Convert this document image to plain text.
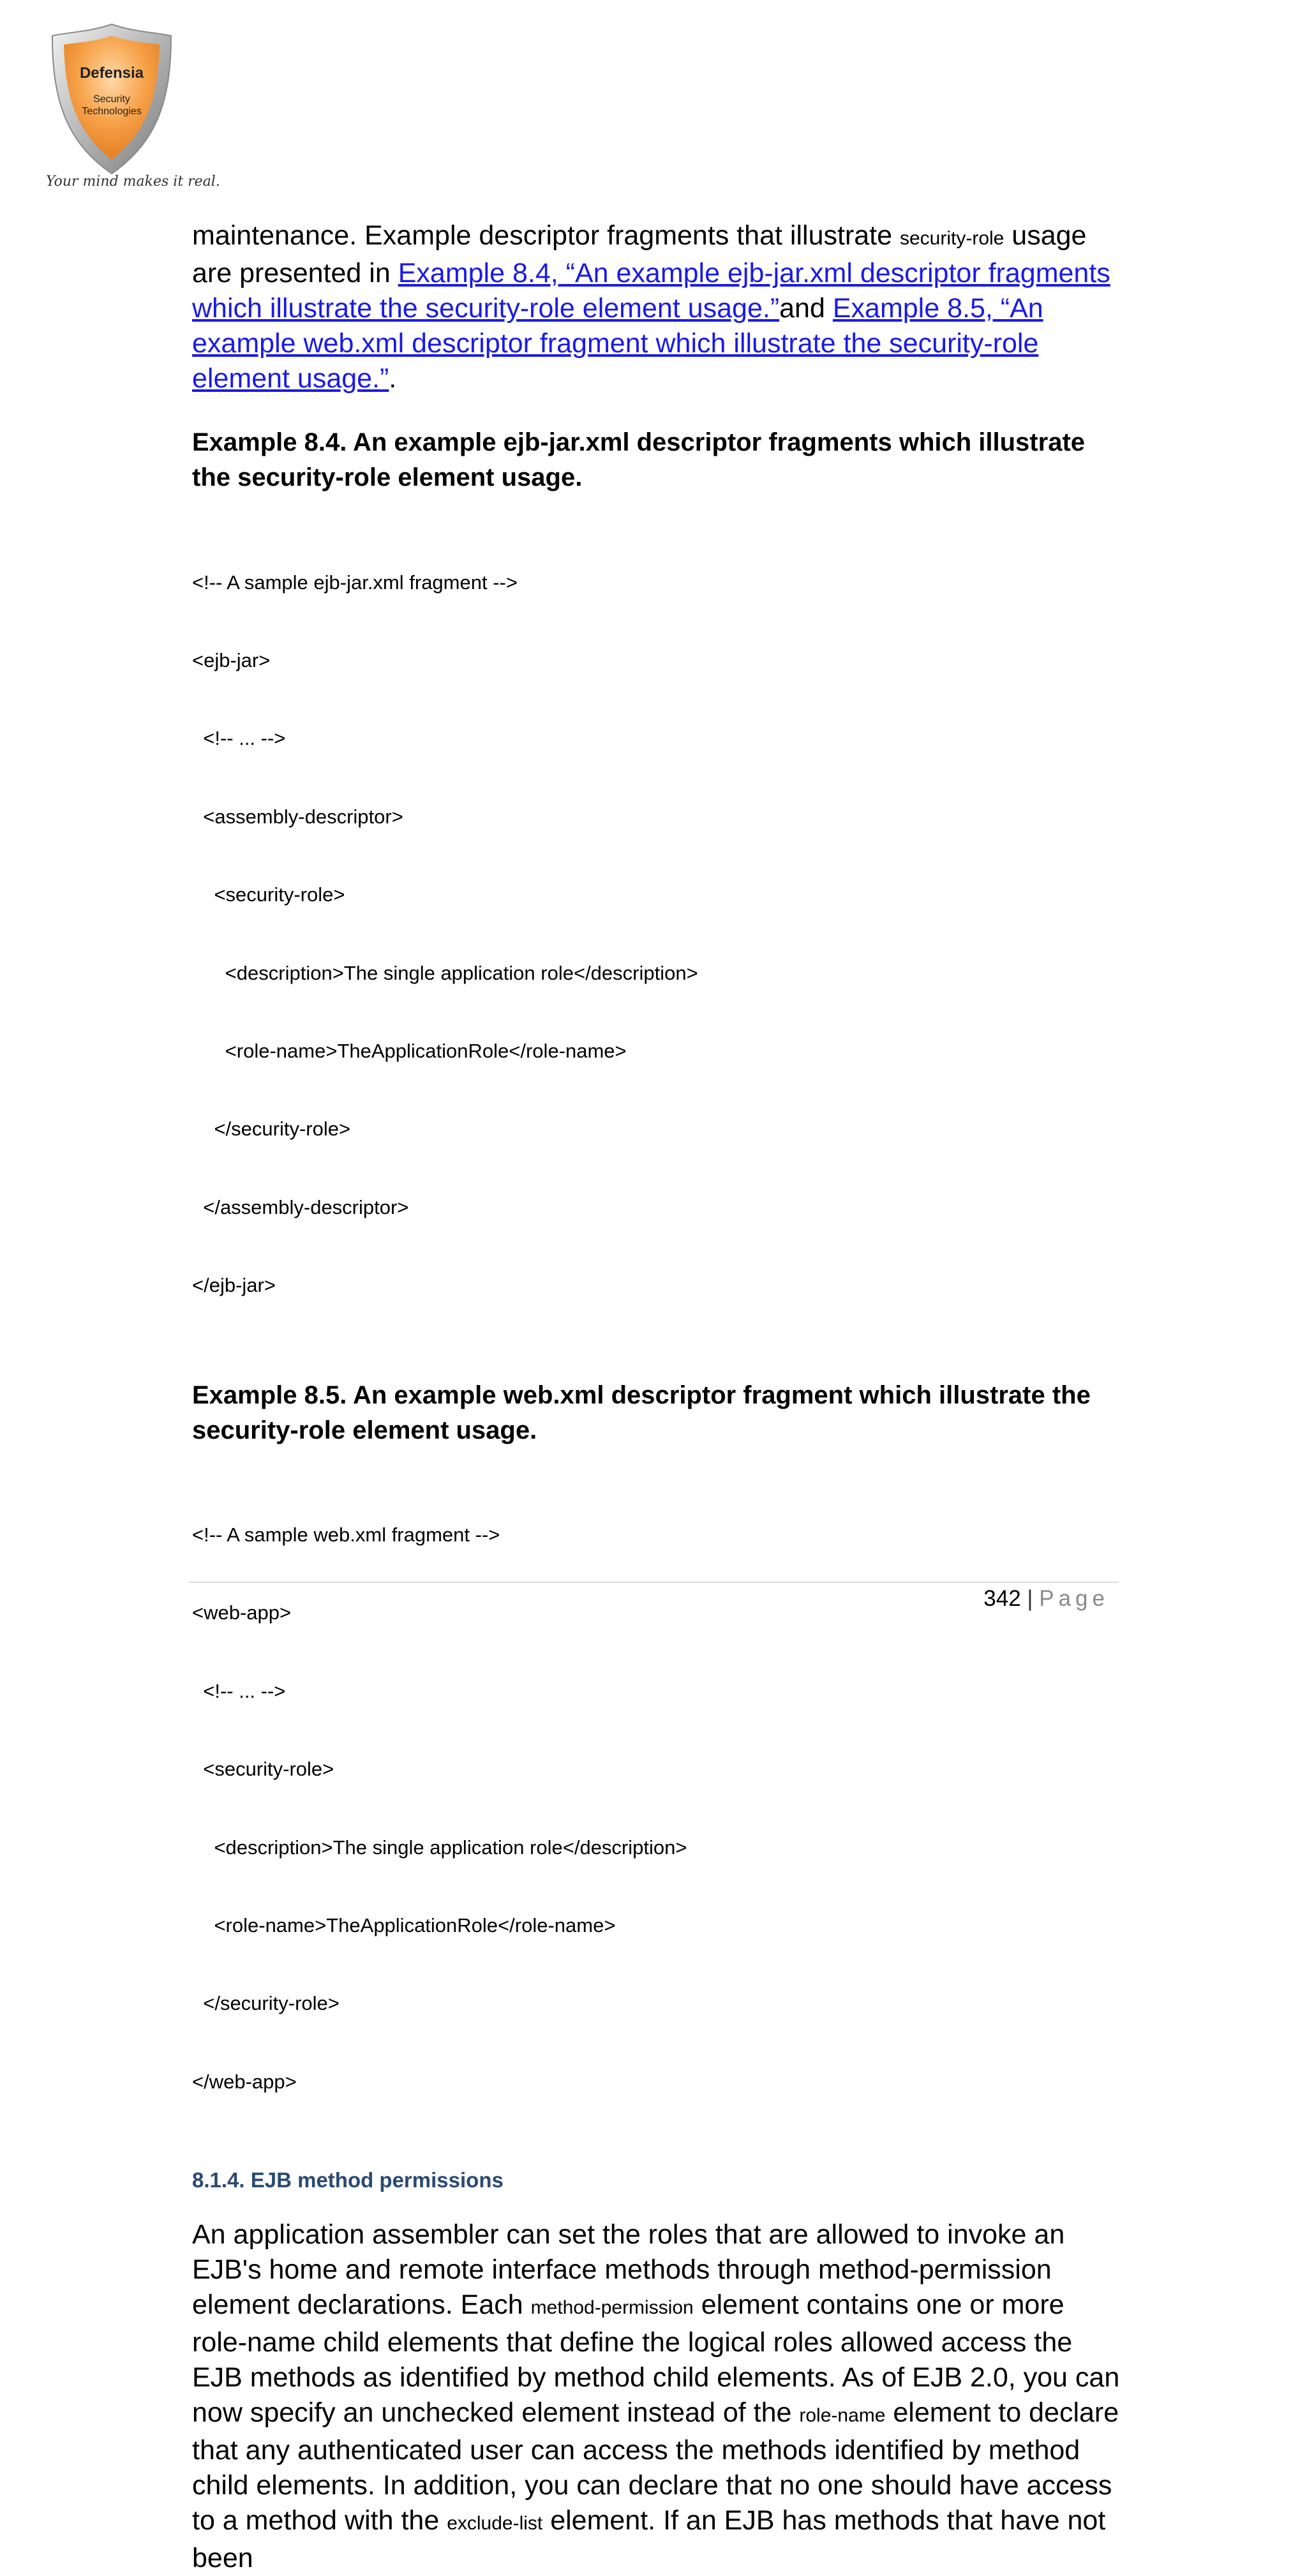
Defensia
Security
Technologies
Your mind makes it real.

maintenance. Example descriptor fragments that illustrate security-role usage are presented in Example 8.4, “An example ejb-jar.xml descriptor fragments which illustrate the security-role element usage.”and Example 8.5, “An example web.xml descriptor fragment which illustrate the security-role element usage.”.

Example 8.4. An example ejb-jar.xml descriptor fragments which illustrate the security-role element usage.

<!-- A sample ejb-jar.xml fragment -->

<ejb-jar>

<!-- ... -->

<assembly-descriptor>

<security-role>

<description>The single application role</description>

<role-name>TheApplicationRole</role-name>

</security-role>

</assembly-descriptor>

</ejb-jar>

Example 8.5. An example web.xml descriptor fragment which illustrate the security-role element usage.

<!-- A sample web.xml fragment -->

<web-app>

<!-- ... -->

<security-role>

<description>The single application role</description>

<role-name>TheApplicationRole</role-name>

</security-role>

</web-app>

8.1.4. EJB method permissions

An application assembler can set the roles that are allowed to invoke an EJB's home and remote interface methods through method-permission element declarations. Each method-permission element contains one or more role-name child elements that define the logical roles allowed access the EJB methods as identified by method child elements. As of EJB 2.0, you can now specify an unchecked element instead of the role-name element to declare that any authenticated user can access the methods identified by method child elements. In addition, you can declare that no one should have access to a method with the exclude-list element. If an EJB has methods that have not been

342 | Page
